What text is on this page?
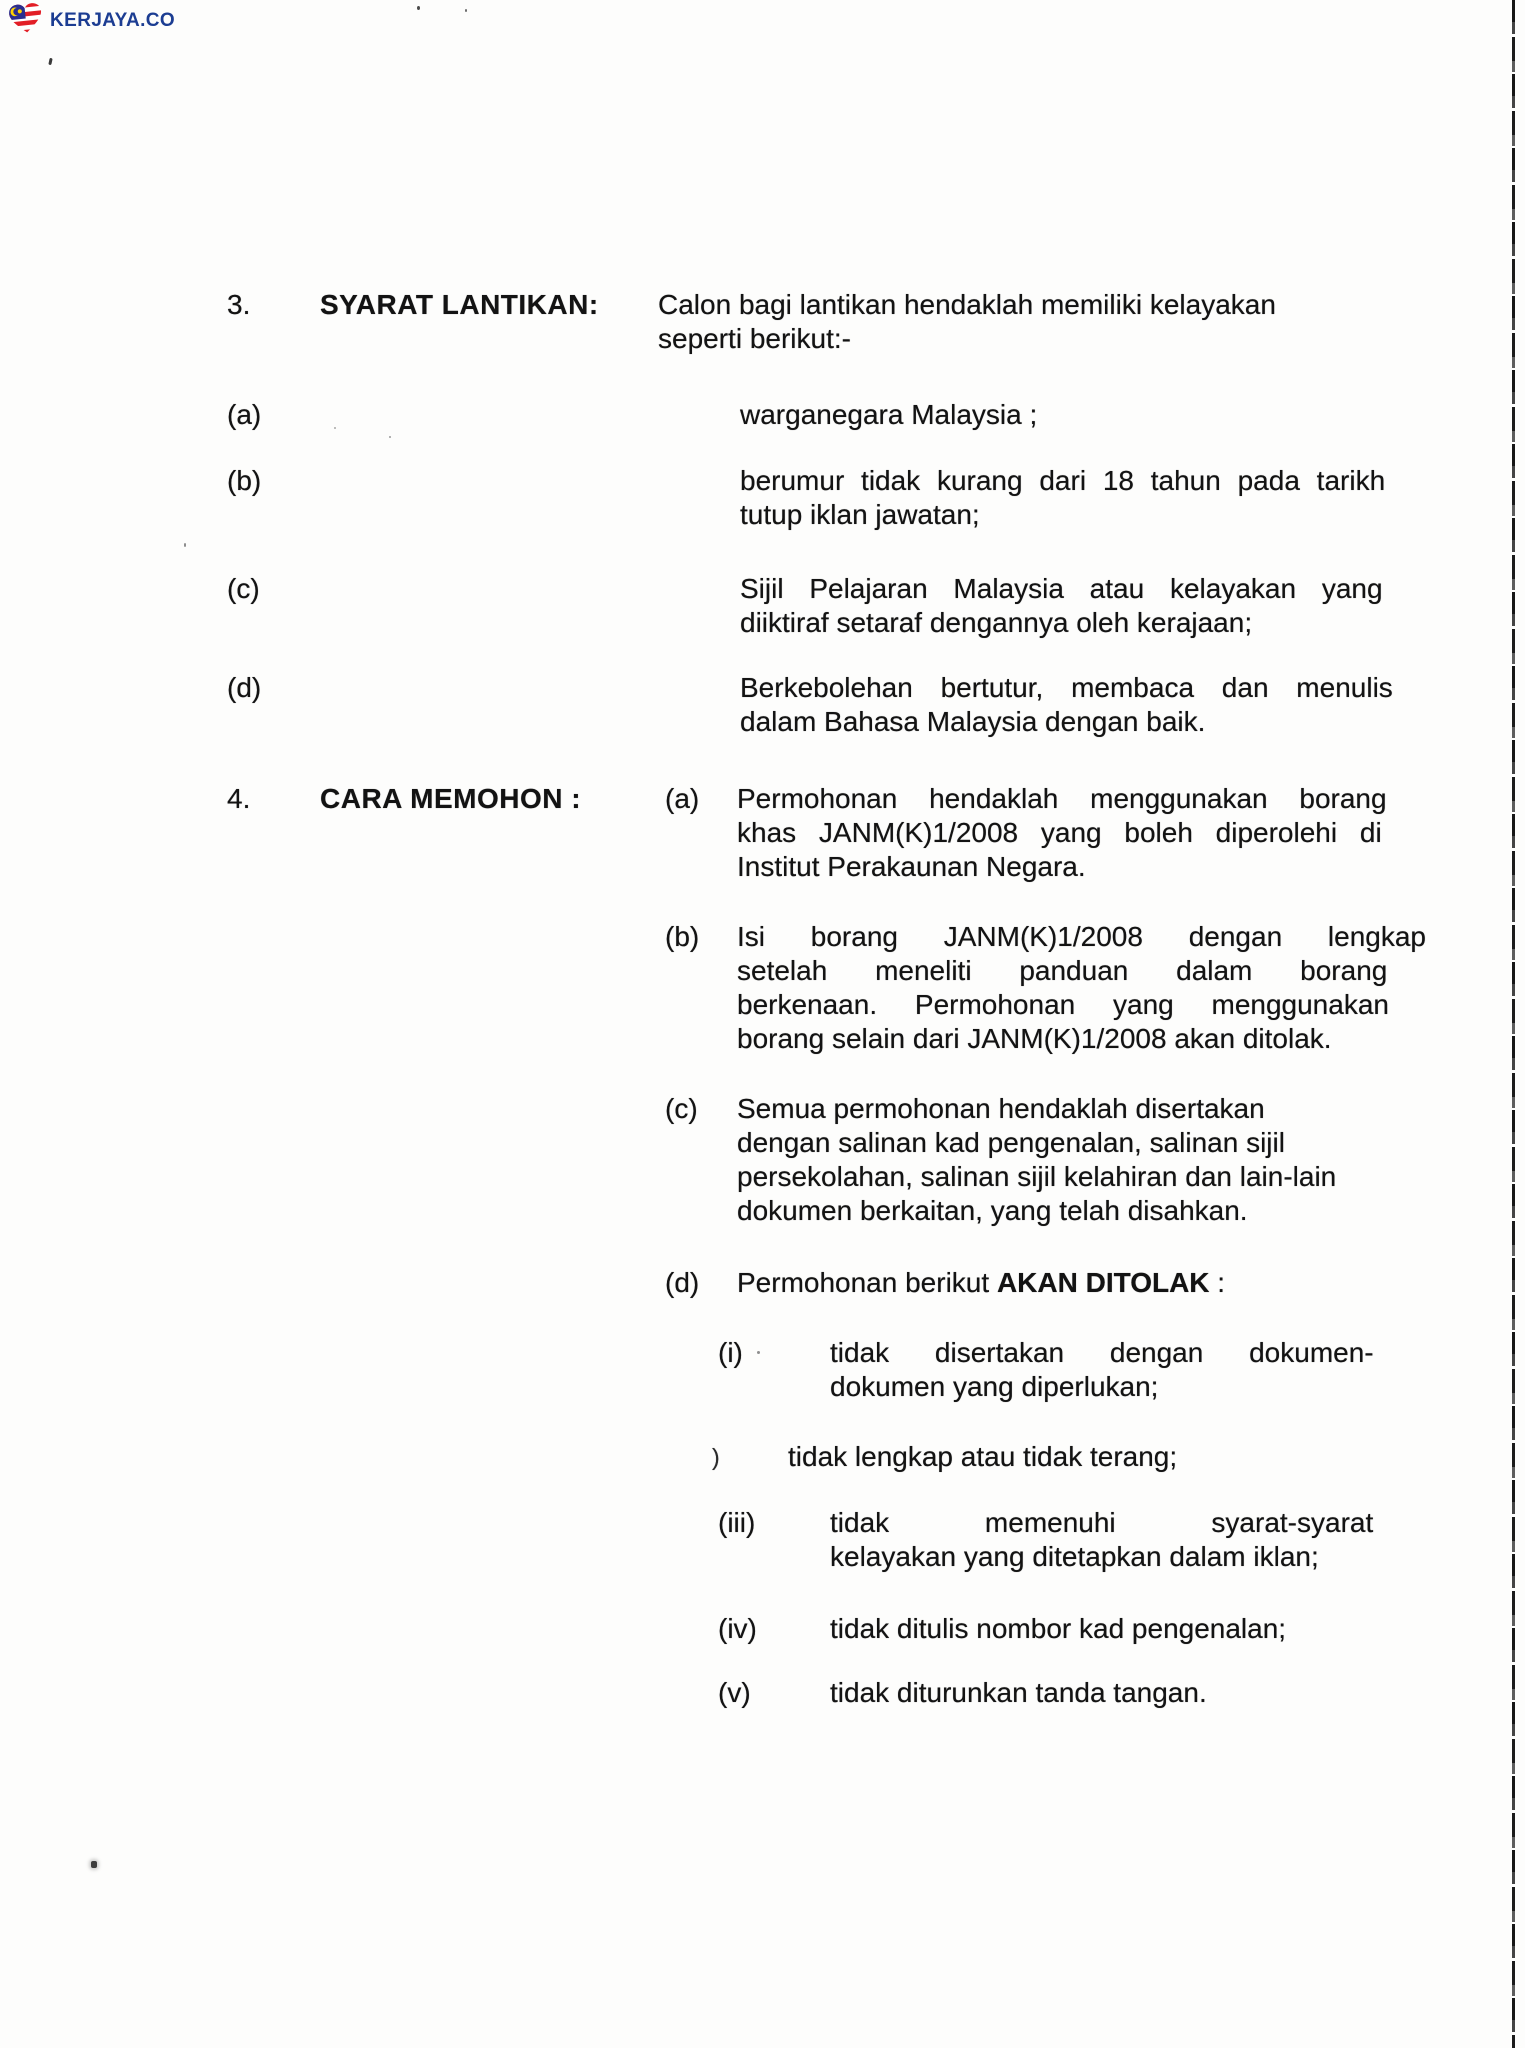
KERJAYA.CO
3. SYARAT LANTIKAN: Calon bagi lantikan hendaklah memiliki kelayakan
seperti berikut:-
(a)	warganegara Malaysia ;
(b)	berumur tidak kurang dari 18 tahun pada tarikh
tutup iklan jawatan;
(c)	Sijil Pelajaran Malaysia atau kelayakan yang
diiktiraf setaraf dengannya oleh kerajaan;
(d)	Berkebolehan bertutur, membaca dan menulis
dalam Bahasa Malaysia dengan baik.
4. CARA MEMOHON :	(a) Permohonan hendaklah menggunakan borang
khas JANM(K)1/2008 yang boleh diperolehi di
Institut Perakaunan Negara.
(b) Isi borang JANM(K)1/2008 dengan lengkap
setelah meneliti panduan dalam borang
berkenaan. Permohonan yang menggunakan
borang selain dari JANM(K)1/2008 akan ditolak.
(c) Semua permohonan hendaklah disertakan
dengan salinan kad pengenalan, salinan sijil
persekolahan, salinan sijil kelahiran dan lain-lain
dokumen berkaitan, yang telah disahkan.
(d) Permohonan berikut AKAN DITOLAK :
(i)	tidak disertakan dengan dokumen-
dokumen yang diperlukan;
) tidak lengkap atau tidak terang;
(iii)	tidak memenuhi syarat-syarat
kelayakan yang ditetapkan dalam iklan;
(iv)	tidak ditulis nombor kad pengenalan;
(v)	tidak diturunkan tanda tangan.
